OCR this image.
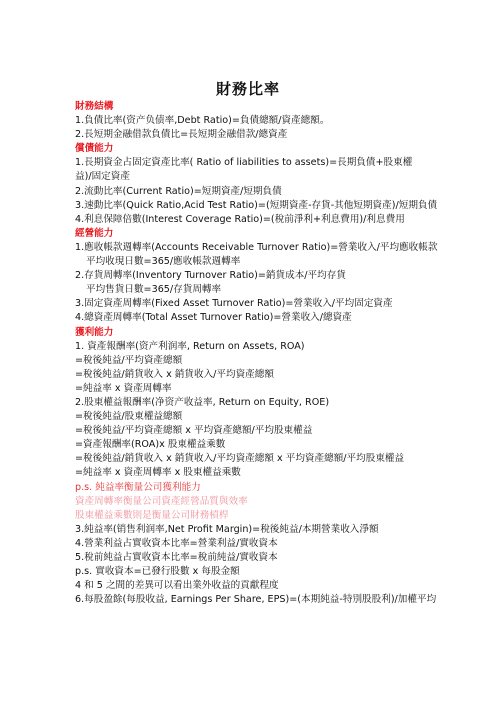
財務比率
財務結構
1.負債比率(资产负债率,Debt Ratio)=負債總額/資產總額。
2.長短期金融借款負債比=長短期金融借款/總資產
償債能力
1.長期資金占固定資產比率( Ratio of liabilities to assets)=長期負債+股東權益)/固定資產
2.流動比率(Current Ratio)=短期資產/短期負債
3.速動比率(Quick Ratio,Acid Test Ratio)=(短期資產-存貨-其他短期資產)/短期負債
4.利息保障倍數(Interest Coverage Ratio)=(稅前淨利+利息費用)/利息費用
經營能力
1.應收帳款週轉率(Accounts Receivable Turnover Ratio)=營業收入/平均應收帳款
平均收現日數=365/應收帳款週轉率
2.存貨周轉率(Inventory Turnover Ratio)=銷貨成本/平均存貨
平均售貨日數=365/存貨周轉率
3.固定資產周轉率(Fixed Asset Turnover Ratio)=營業收入/平均固定資產
4.總資產周轉率(Total Asset Turnover Ratio)=營業收入/總資產
獲利能力
1. 資產報酬率(资产利润率, Return on Assets, ROA)
=稅後純益/平均資產總額
=稅後純益/銷貨收入 x 銷貨收入/平均資產總額
=純益率 x 資產周轉率
2.股東權益報酬率(净资产收益率, Return on Equity, ROE)
=稅後純益/股東權益總額
=稅後純益/平均資產總額 x 平均資產總額/平均股東權益
=資產報酬率(ROA)x 股東權益乘數
=稅後純益/銷貨收入 x 銷貨收入/平均資產總額 x 平均資產總額/平均股東權益
=純益率 x 資產周轉率 x 股東權益乘數
p.s. 純益率衡量公司獲利能力
資產周轉率衡量公司資產經營品質與效率
股東權益乘數則是衡量公司財務槓桿
3.純益率(销售利润率,Net Profit Margin)=稅後純益/本期營業收入淨額
4.營業利益占實收資本比率=營業利益/實收資本
5.稅前純益占實收資本比率=稅前純益/實收資本
p.s. 實收資本=已發行股數 x 每股金額
4 和 5 之間的差異可以看出業外收益的貢獻程度
6.每股盈餘(每股收益, Earnings Per Share, EPS)=(本期純益-特別股股利)/加權平均
